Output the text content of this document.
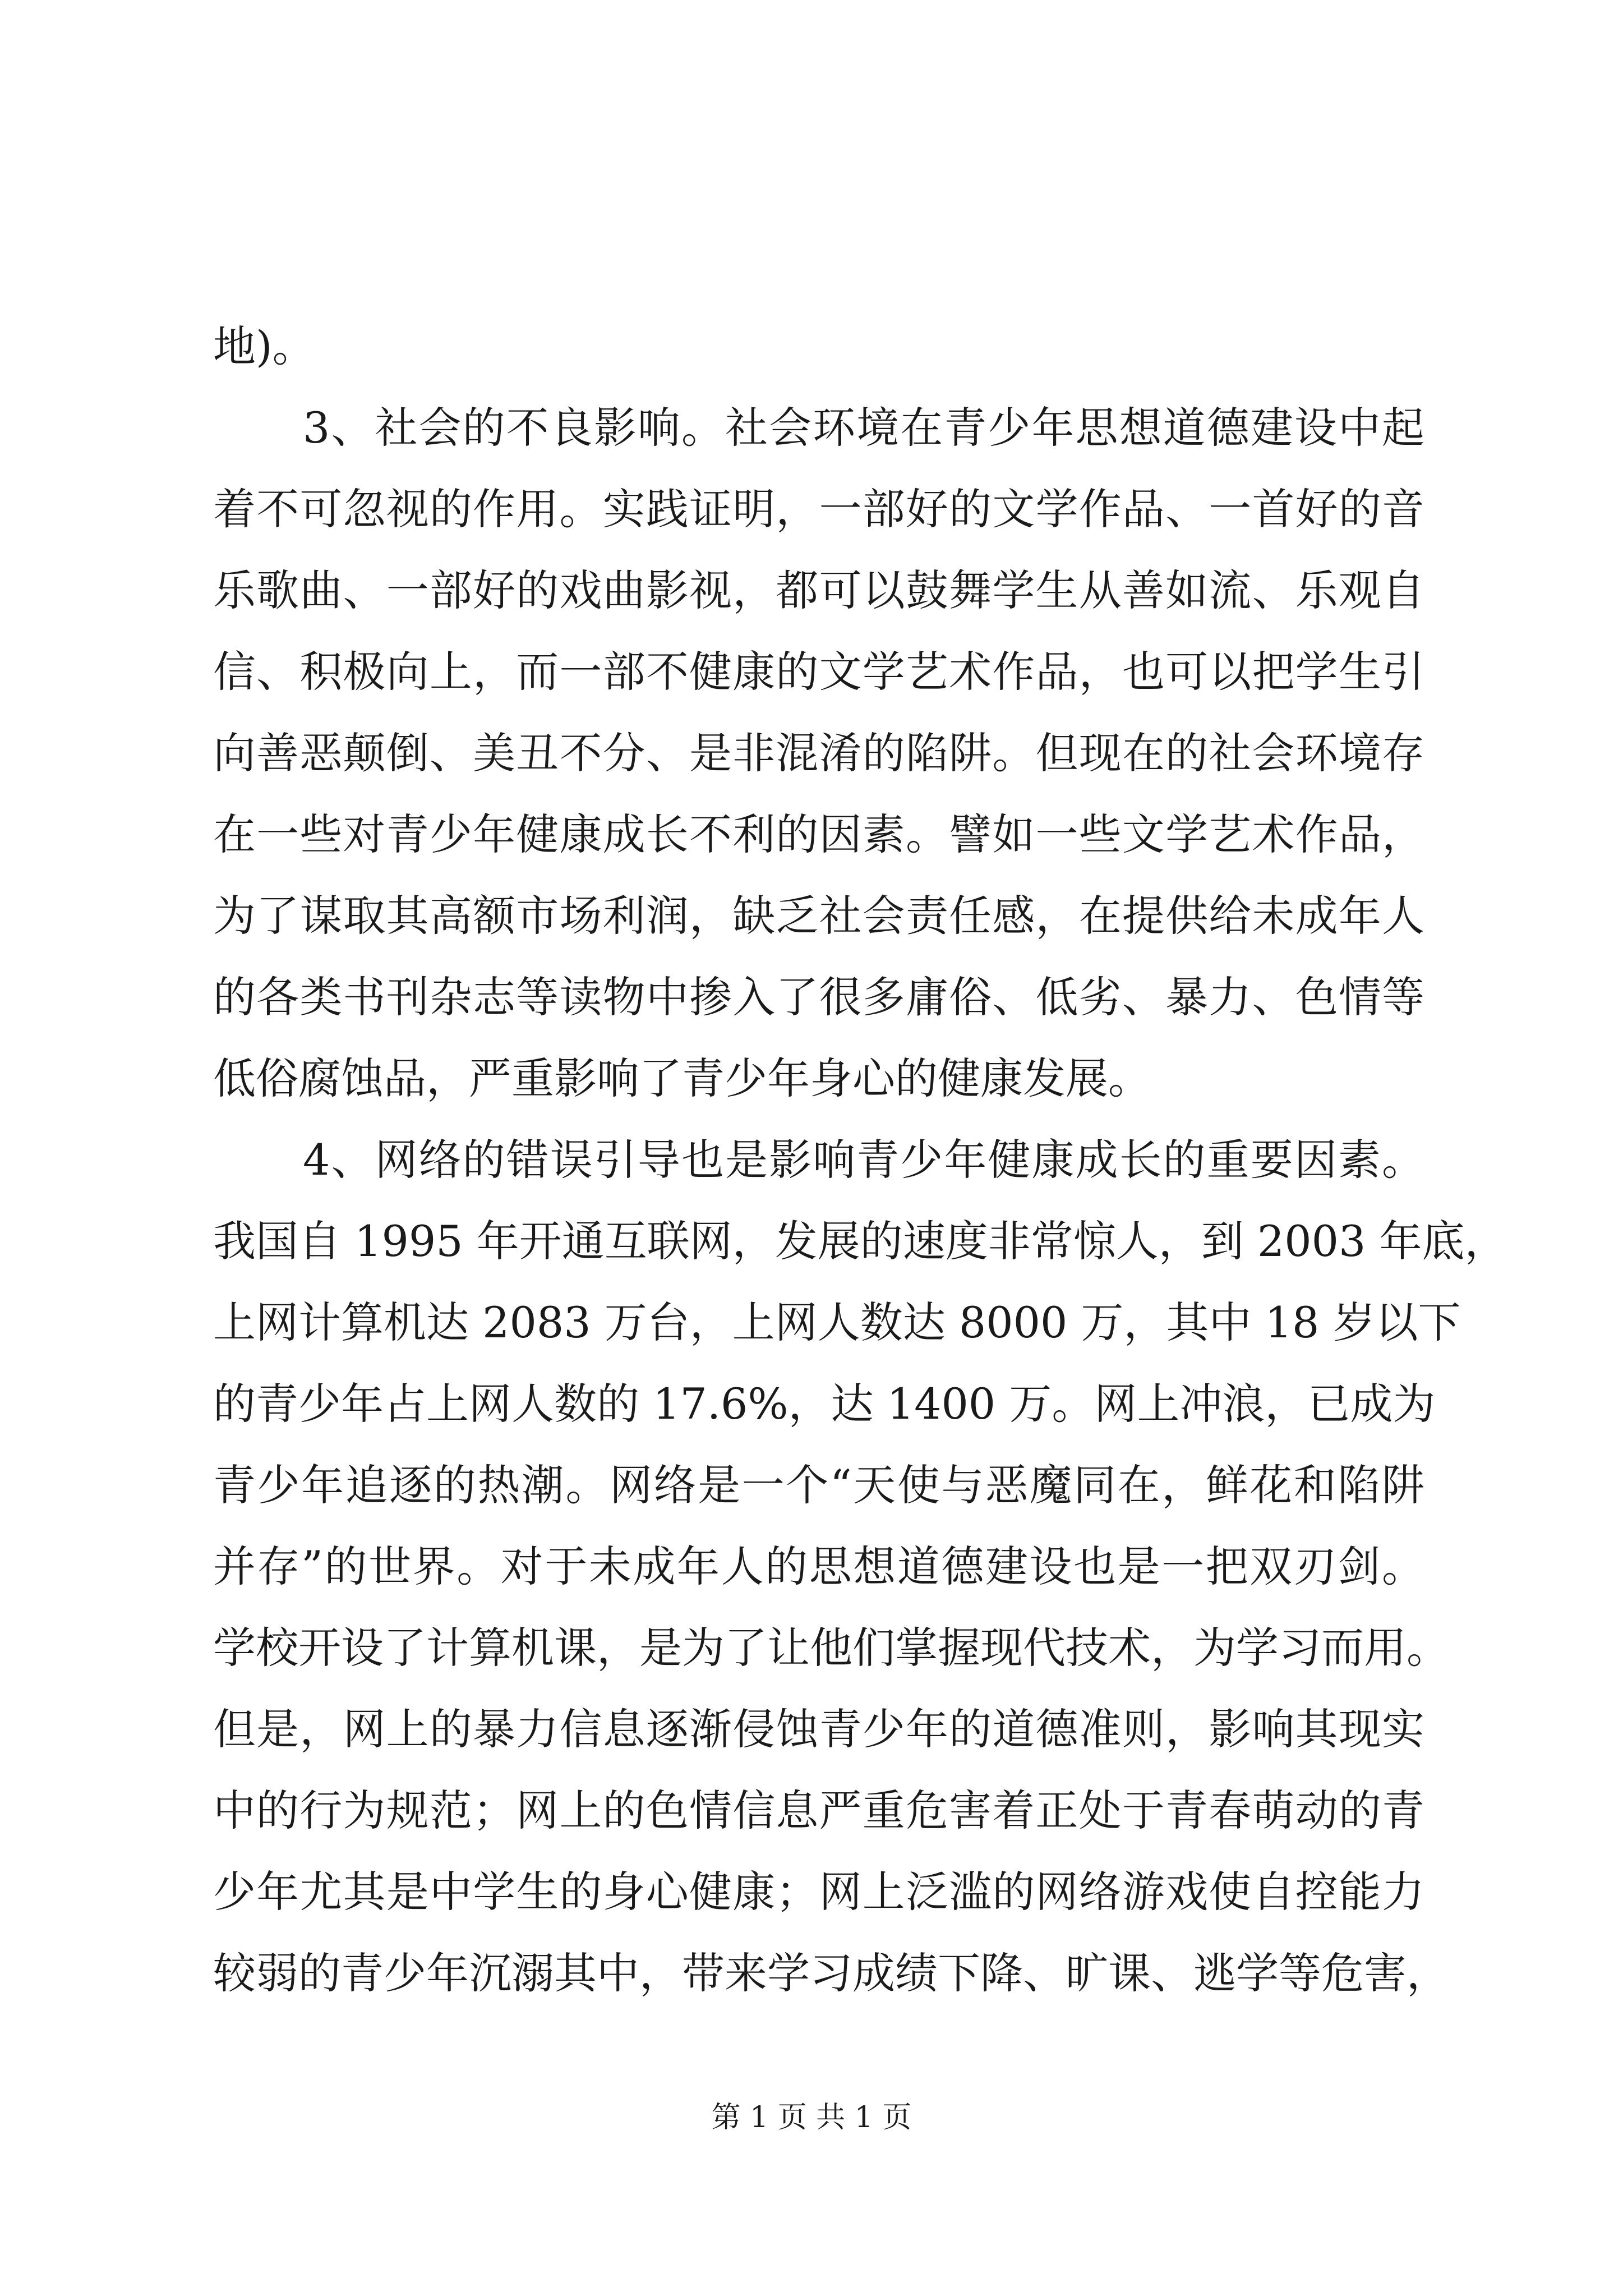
地)。
3、社会的不良影响。社会环境在青少年思想道德建设中起
着不可忽视的作用。实践证明，一部好的文学作品、一首好的音
乐歌曲、一部好的戏曲影视，都可以鼓舞学生从善如流、乐观自
信、积极向上，而一部不健康的文学艺术作品，也可以把学生引
向善恶颠倒、美丑不分、是非混淆的陷阱。但现在的社会环境存
在一些对青少年健康成长不利的因素。譬如一些文学艺术作品，
为了谋取其高额市场利润，缺乏社会责任感，在提供给未成年人
的各类书刊杂志等读物中掺入了很多庸俗、低劣、暴力、色情等
低俗腐蚀品，严重影响了青少年身心的健康发展。
4、网络的错误引导也是影响青少年健康成长的重要因素。
我国自 1995 年开通互联网，发展的速度非常惊人，到 2003 年底，
上网计算机达 2083 万台，上网人数达 8000 万，其中 18 岁以下
的青少年占上网人数的 17.6%，达 1400 万。网上冲浪，已成为
青少年追逐的热潮。网络是一个“天使与恶魔同在，鲜花和陷阱
并存”的世界。对于未成年人的思想道德建设也是一把双刃剑。
学校开设了计算机课，是为了让他们掌握现代技术，为学习而用。
但是，网上的暴力信息逐渐侵蚀青少年的道德准则，影响其现实
中的行为规范；网上的色情信息严重危害着正处于青春萌动的青
少年尤其是中学生的身心健康；网上泛滥的网络游戏使自控能力
较弱的青少年沉溺其中，带来学习成绩下降、旷课、逃学等危害，
第 1 页 共 1 页
